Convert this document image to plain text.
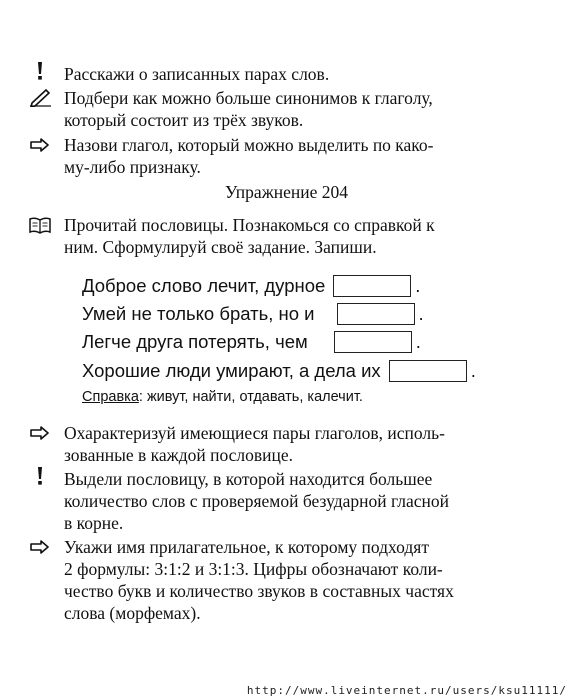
Расскажи о записанных парах слов.
Подбери как можно больше синонимов к глаголу,
который состоит из трёх звуков.
Назови глагол, который можно выделить по како-
му-либо признаку.
Упражнение 204
Прочитай пословицы. Познакомься со справкой к
ним. Сформулируй своё задание. Запиши.
Доброе слово лечит, дурное	.
Умей не только брать, но и	.
Легче друга потерять, чем	.
Хорошие люди умирают, а дела их	.
Справка: живут, найти, отдавать, калечит.
Охарактеризуй имеющиеся пары глаголов, исполь-
зованные в каждой пословице.
Выдели пословицу, в которой находится большее
количество слов с проверяемой безударной гласной
в корне.
Укажи имя прилагательное, к которому подходят
2 формулы: 3:1:2 и 3:1:3. Цифры обозначают коли-
чество букв и количество звуков в составных частях
слова (морфемах).
http://www.liveinternet.ru/users/ksu11111/
